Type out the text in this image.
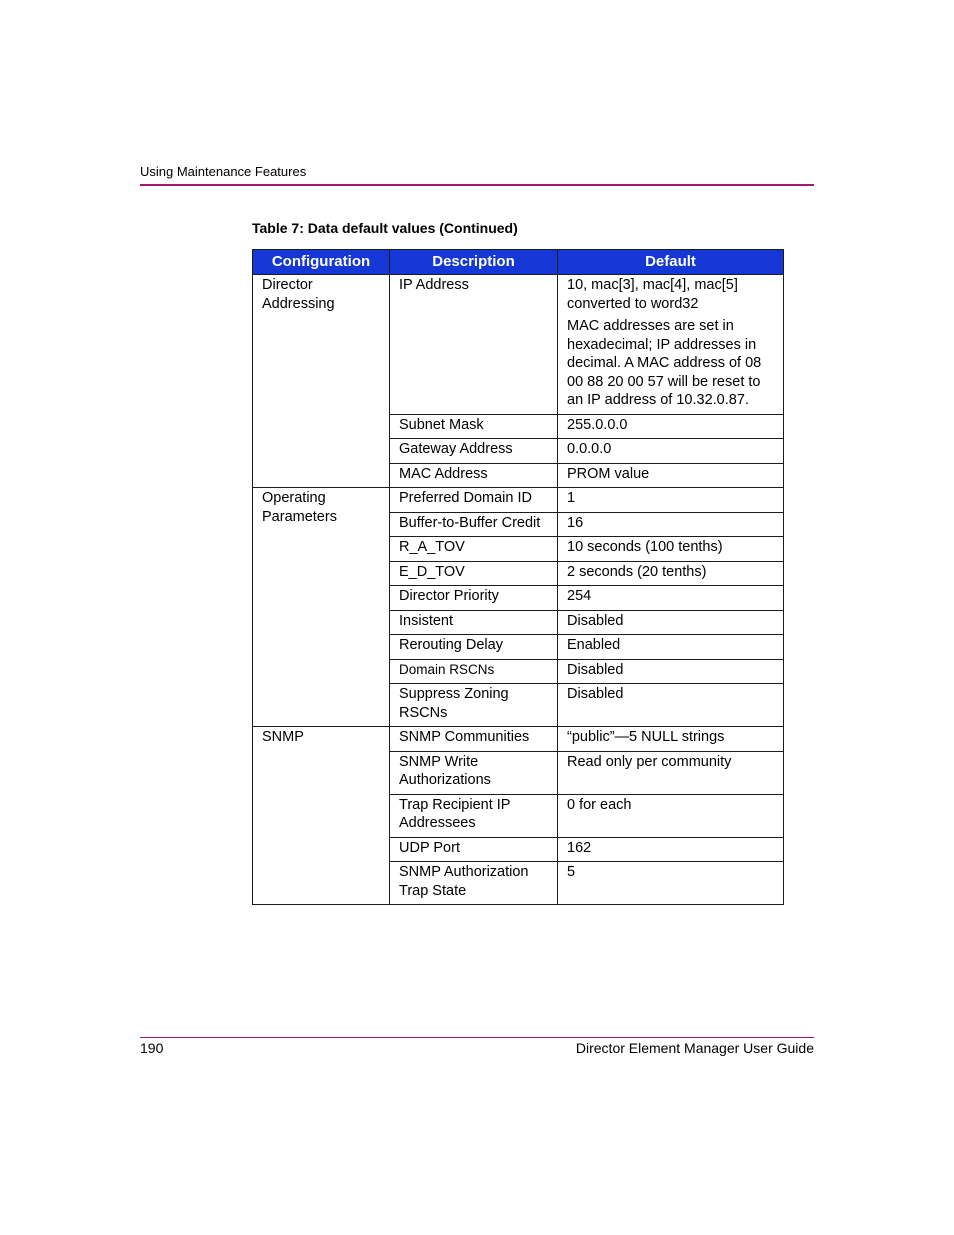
Using Maintenance Features
Table 7: Data default values (Continued)
Configuration	Description	Default
Director Addressing	IP Address	10, mac[3], mac[4], mac[5] converted to word32

MAC addresses are set in hexadecimal; IP addresses in decimal. A MAC address of 08 00 88 20 00 57 will be reset to an IP address of 10.32.0.87.

	Subnet Mask	255.0.0.0
	Gateway Address	0.0.0.0
	MAC Address	PROM value
Operating Parameters	Preferred Domain ID	1
	Buffer-to-Buffer Credit	16
	R_A_TOV	10 seconds (100 tenths)
	E_D_TOV	2 seconds (20 tenths)
	Director Priority	254
	Insistent	Disabled
	Rerouting Delay	Enabled
	Domain RSCNs	Disabled
	Suppress Zoning RSCNs	Disabled
SNMP	SNMP Communities	“public”—5 NULL strings
	SNMP Write Authorizations	Read only per community
	Trap Recipient IP Addressees	0 for each
	UDP Port	162
	SNMP Authorization Trap State	5
190	Director Element Manager User Guide
